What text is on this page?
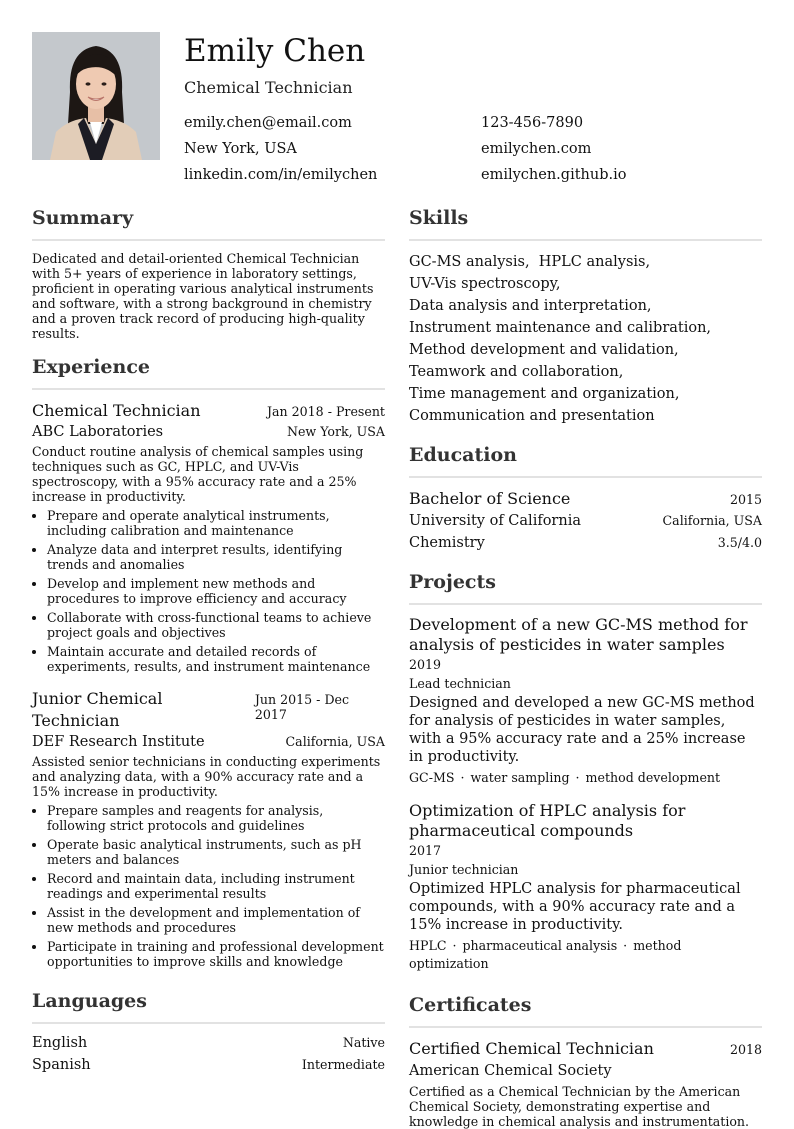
Emily Chen
Chemical Technician
emily.chen@email.com
New York, USA
linkedin.com/in/emilychen
123-456-7890
emilychen.com
emilychen.github.io
Summary

Dedicated and detail-oriented Chemical Technician with 5+ years of experience in laboratory settings, proficient in operating various analytical instruments and software, with a strong background in chemistry and a proven track record of producing high-quality results.

Experience
Chemical Technician	Jan 2018 - Present
ABC Laboratories	New York, USA
Conduct routine analysis of chemical samples using techniques such as GC, HPLC, and UV-Vis spectroscopy, with a 95% accuracy rate and a 25% increase in productivity.
• Prepare and operate analytical instruments, including calibration and maintenance
• Analyze data and interpret results, identifying trends and anomalies
• Develop and implement new methods and procedures to improve efficiency and accuracy
• Collaborate with cross-functional teams to achieve project goals and objectives
• Maintain accurate and detailed records of experiments, results, and instrument maintenance
Junior Chemical Technician
Jun 2015 - Dec 2017
DEF Research Institute	California, USA
Assisted senior technicians in conducting experiments and analyzing data, with a 90% accuracy rate and a 15% increase in productivity.
• Prepare samples and reagents for analysis, following strict protocols and guidelines
• Operate basic analytical instruments, such as pH meters and balances
• Record and maintain data, including instrument readings and experimental results
• Assist in the development and implementation of new methods and procedures
• Participate in training and professional development opportunities to improve skills and knowledge
Languages
English	Native
Spanish	Intermediate
Skills
GC-MS analysis,  HPLC analysis,
UV-Vis spectroscopy,
Data analysis and interpretation,
Instrument maintenance and calibration,
Method development and validation,
Teamwork and collaboration,
Time management and organization,
Communication and presentation
Education
Bachelor of Science	2015
University of California	California, USA
Chemistry	3.5/4.0
Projects
Development of a new GC-MS method for analysis of pesticides in water samples
2019
Lead technician
Designed and developed a new GC-MS method for analysis of pesticides in water samples, with a 95% accuracy rate and a 25% increase in productivity.
GC-MS · water sampling · method development
Optimization of HPLC analysis for pharmaceutical compounds
2017
Junior technician
Optimized HPLC analysis for pharmaceutical compounds, with a 90% accuracy rate and a 15% increase in productivity.
HPLC · pharmaceutical analysis · method optimization
Certificates
Certified Chemical Technician	2018
American Chemical Society
Certified as a Chemical Technician by the American Chemical Society, demonstrating expertise and knowledge in chemical analysis and instrumentation.
